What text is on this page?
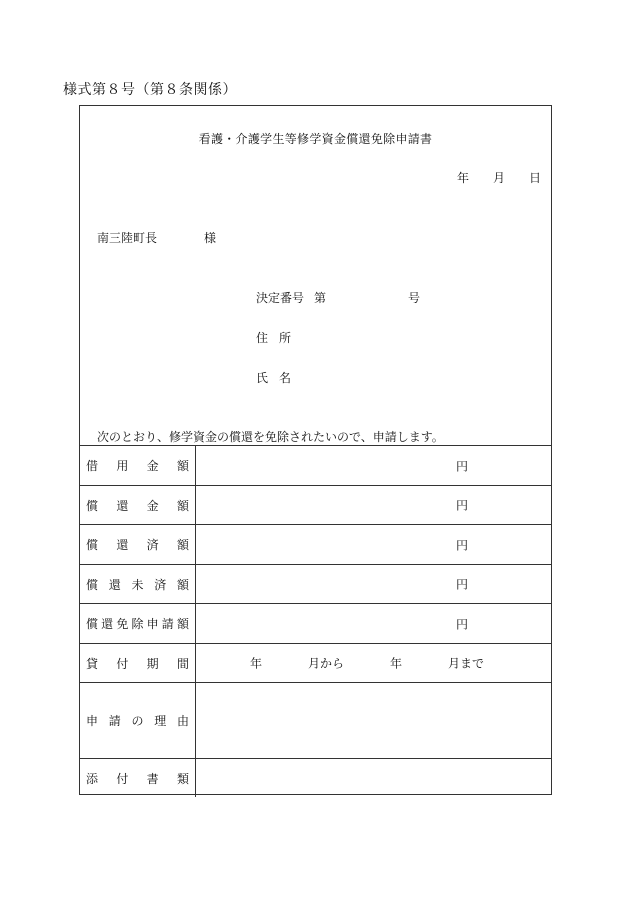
様式第８号（第８条関係）
看護・介護学生等修学資金償還免除申請書
年 月 日
南三陸町長	様
決定番号 第	号
住 所
氏 名
次のとおり、修学資金の償還を免除されたいので、申請します。
借 用 金 額	円
償 還 金 額	円
償 還 済 額	円
償 還 未 済 額	円
償 還 免 除 申 請 額	円
貸 付 期 間	年	月から	年	月まで
申 請 の 理 由
添 付 書 類
